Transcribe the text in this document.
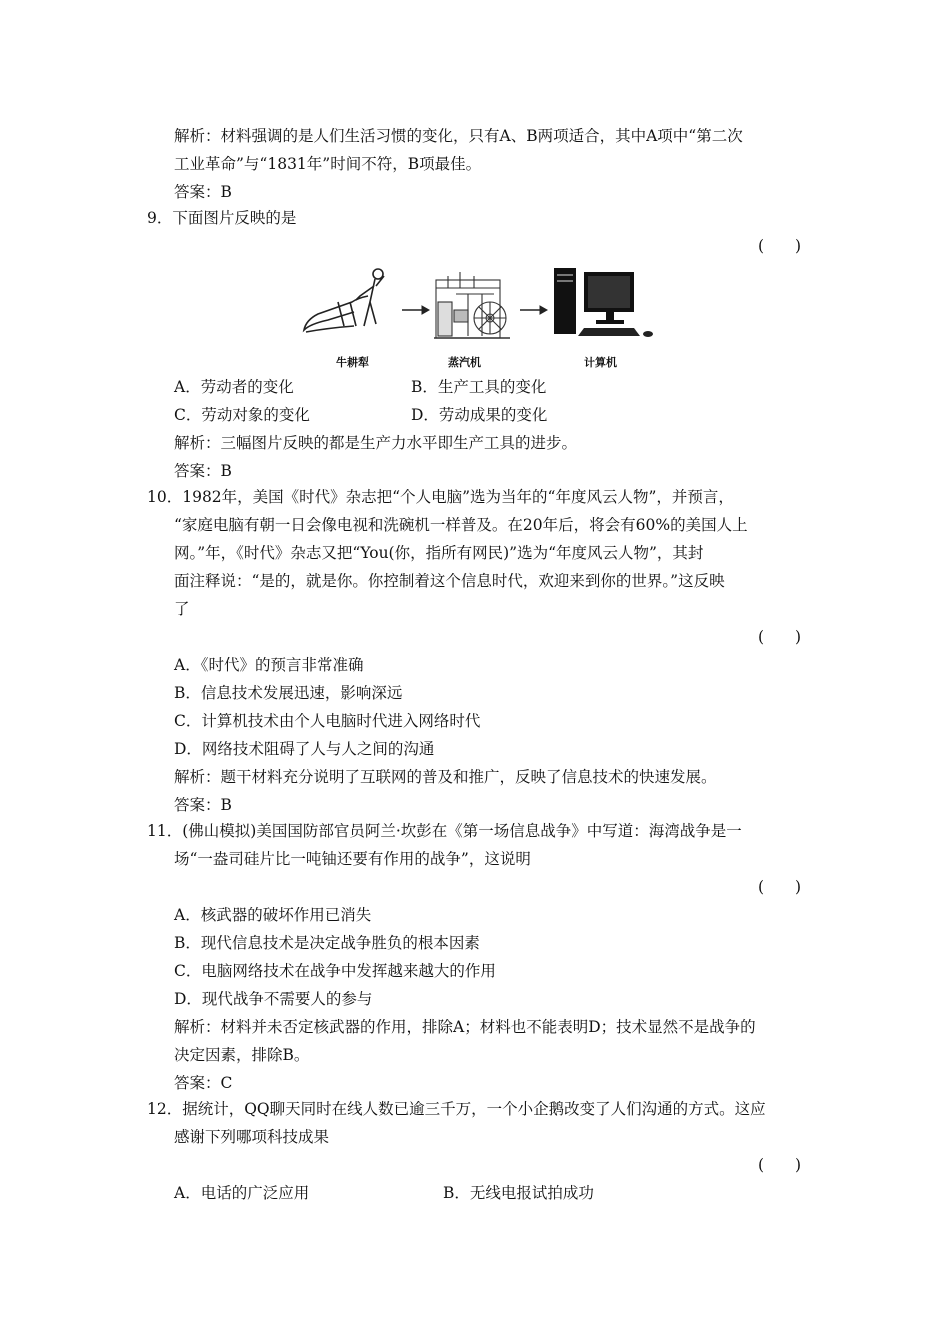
解析：材料强调的是人们生活习惯的变化，只有A、B两项适合，其中A项中“第二次
工业革命”与“1831年”时间不符，B项最佳。
答案：B
9．下面图片反映的是
(　　)
牛耕犁	蒸汽机	计算机
A．劳动者的变化	B．生产工具的变化
C．劳动对象的变化	D．劳动成果的变化
解析：三幅图片反映的都是生产力水平即生产工具的进步。
答案：B
10．1982年，美国《时代》杂志把“个人电脑”选为当年的“年度风云人物”，并预言，
“家庭电脑有朝一日会像电视和洗碗机一样普及。在20年后，将会有60%的美国人上
网。”年，《时代》杂志又把“You(你，指所有网民)”选为“年度风云人物”，其封
面注释说：“是的，就是你。你控制着这个信息时代，欢迎来到你的世界。”这反映
了
(　　)
A．《时代》的预言非常准确
B．信息技术发展迅速，影响深远
C．计算机技术由个人电脑时代进入网络时代
D．网络技术阻碍了人与人之间的沟通
解析：题干材料充分说明了互联网的普及和推广，反映了信息技术的快速发展。
答案：B
11．(佛山模拟)美国国防部官员阿兰·坎彭在《第一场信息战争》中写道：海湾战争是一
场“一盎司硅片比一吨铀还要有作用的战争”，这说明
(　　)
A．核武器的破坏作用已消失
B．现代信息技术是决定战争胜负的根本因素
C．电脑网络技术在战争中发挥越来越大的作用
D．现代战争不需要人的参与
解析：材料并未否定核武器的作用，排除A；材料也不能表明D；技术显然不是战争的
决定因素，排除B。
答案：C
12．据统计，QQ聊天同时在线人数已逾三千万，一个小企鹅改变了人们沟通的方式。这应
感谢下列哪项科技成果
(　　)
A．电话的广泛应用	B．无线电报试拍成功
